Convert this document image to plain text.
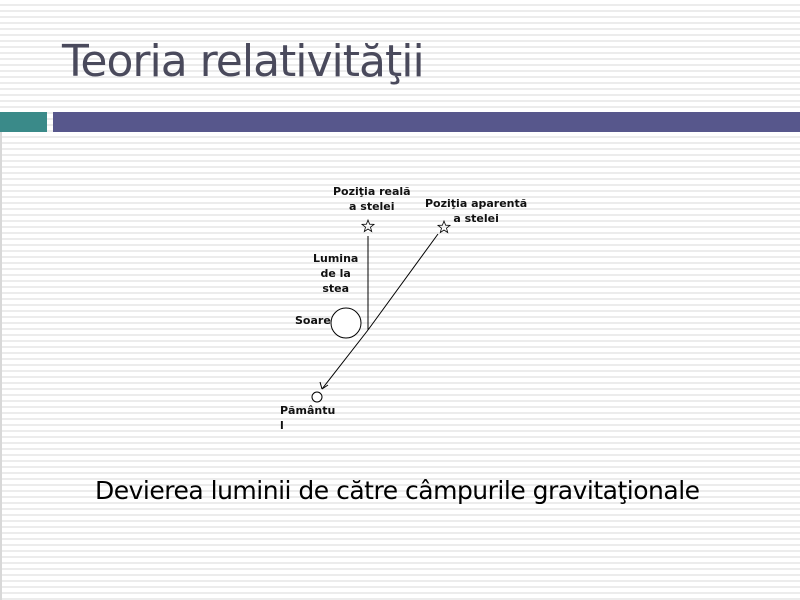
Teoria relativităţii
Poziţia reală
a stelei	Poziţia aparentă
a stelei
Lumina
de la
stea
Soare
Pământu
l
Devierea luminii de către câmpurile gravitaţionale
